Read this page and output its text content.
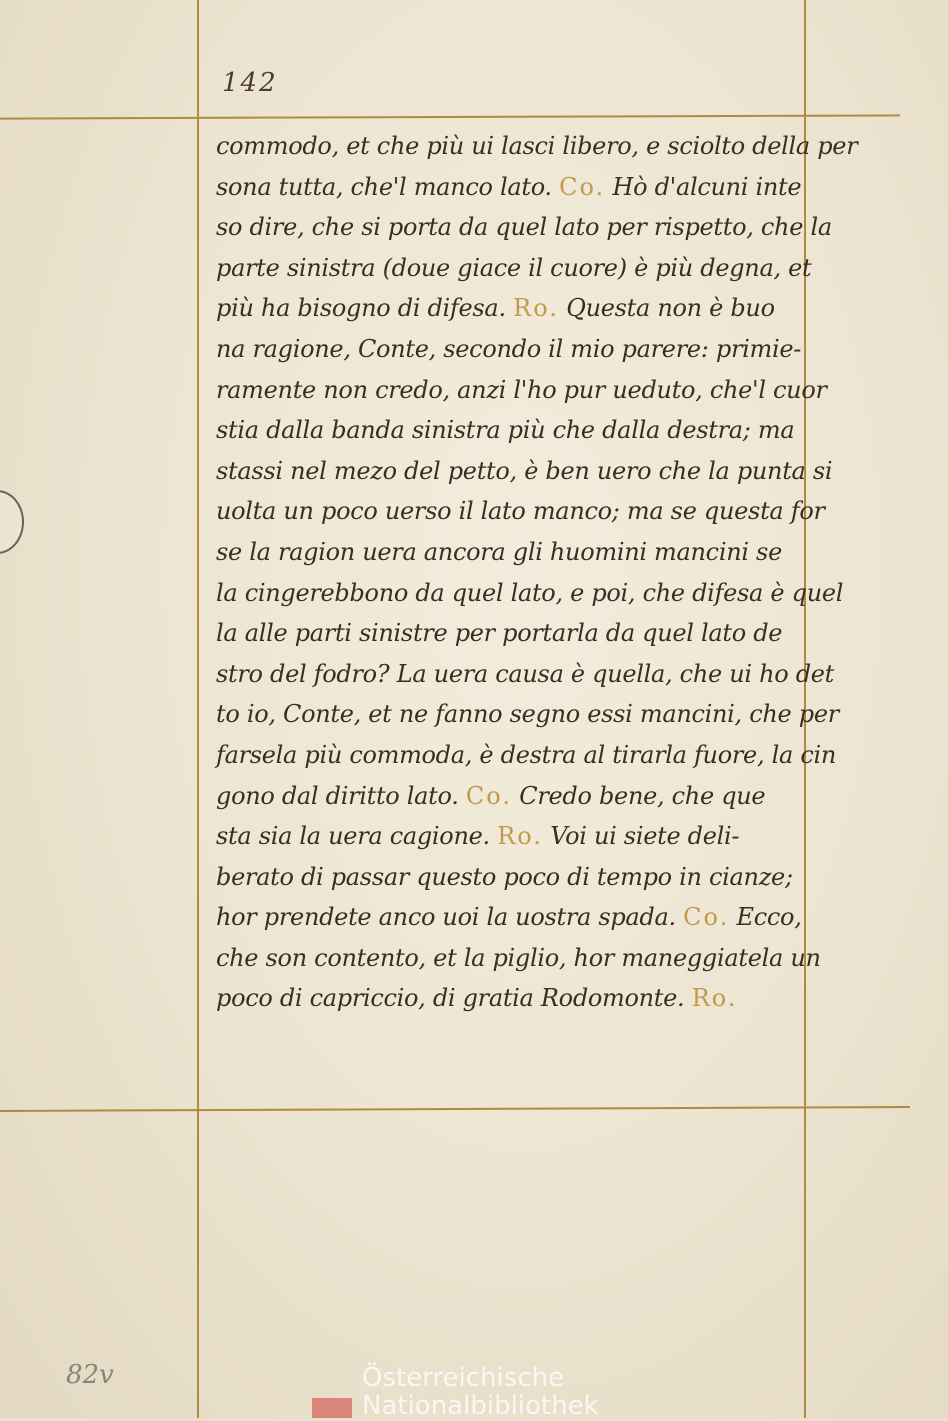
142
commodo, et che più ui lasci libero, e sciolto della per
sona tutta, che'l manco lato. Co. Hò d'alcuni inte
so dire, che si porta da quel lato per rispetto, che la
parte sinistra (doue giace il cuore) è più degna, et
più ha bisogno di difesa. Ro. Questa non è buo
na ragione, Conte, secondo il mio parere: primie-
ramente non credo, anzi l'ho pur ueduto, che'l cuor
stia dalla banda sinistra più che dalla destra; ma
stassi nel mezo del petto, è ben uero che la punta si
uolta un poco uerso il lato manco; ma se questa for
se la ragion uera ancora gli huomini mancini se
la cingerebbono da quel lato, e poi, che difesa è quel
la alle parti sinistre per portarla da quel lato de
stro del fodro? La uera causa è quella, che ui ho det
to io, Conte, et ne fanno segno essi mancini, che per
farsela più commoda, è destra al tirarla fuore, la cin
gono dal diritto lato. Co. Credo bene, che que
sta sia la uera cagione. Ro. Voi ui siete deli-
berato di passar questo poco di tempo in cianze;
hor prendete anco uoi la uostra spada. Co. Ecco,
che son contento, et la piglio, hor maneggiatela un
poco di capriccio, di gratia Rodomonte. Ro.
82v	Österreichische
Nationalbibliothek
